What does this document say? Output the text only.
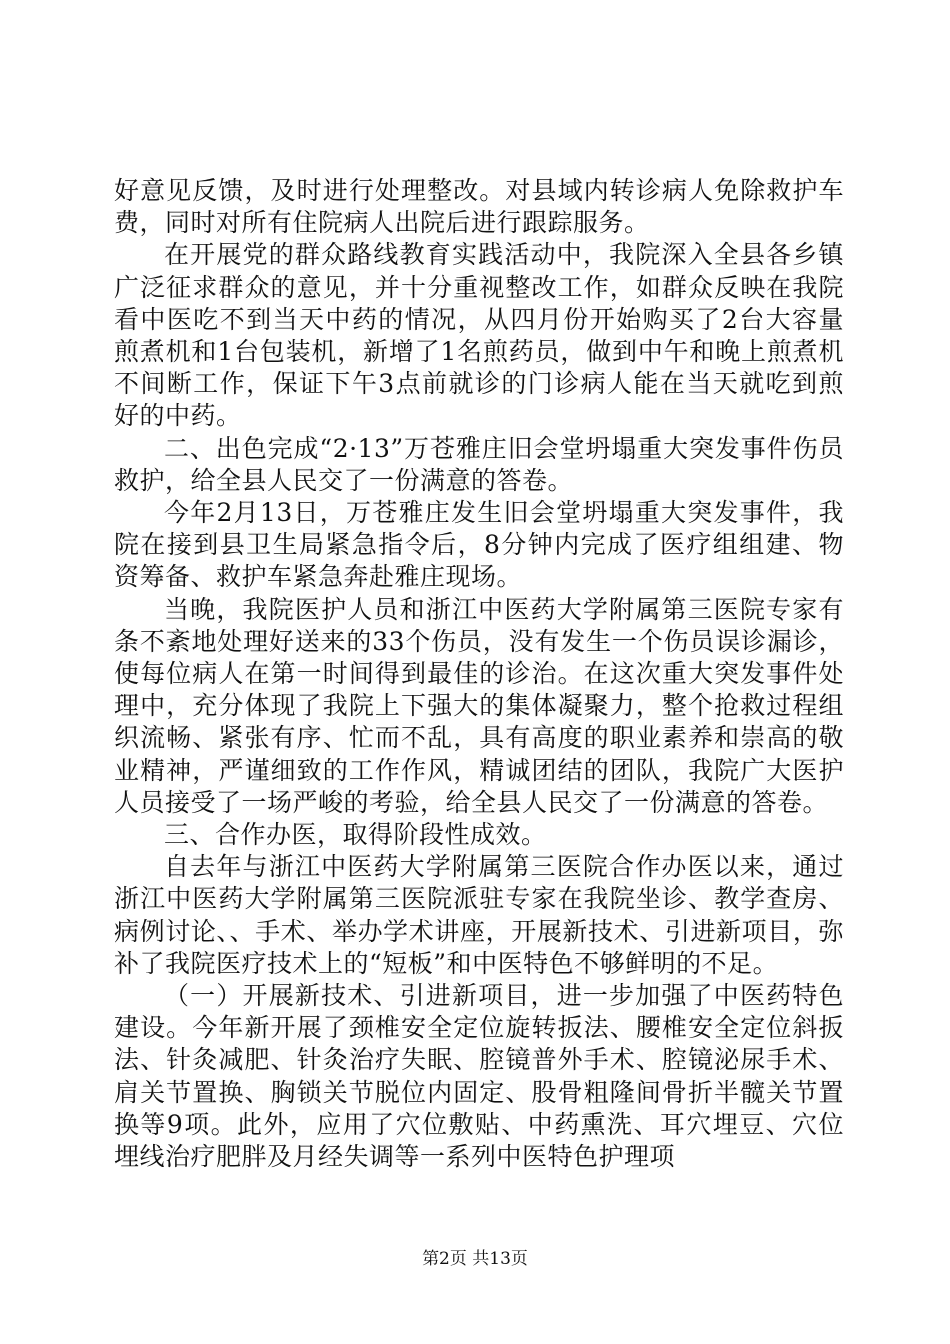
好意见反馈，及时进行处理整改。对县域内转诊病人免除救护车费，同时对所有住院病人出院后进行跟踪服务。

在开展党的群众路线教育实践活动中，我院深入全县各乡镇广泛征求群众的意见，并十分重视整改工作，如群众反映在我院看中医吃不到当天中药的情况，从四月份开始购买了2台大容量煎煮机和1台包装机，新增了1名煎药员，做到中午和晚上煎煮机不间断工作，保证下午3点前就诊的门诊病人能在当天就吃到煎好的中药。

二、出色完成“2·13”万苍雅庄旧会堂坍塌重大突发事件伤员救护，给全县人民交了一份满意的答卷。

今年2月13日，万苍雅庄发生旧会堂坍塌重大突发事件，我院在接到县卫生局紧急指令后，8分钟内完成了医疗组组建、物资筹备、救护车紧急奔赴雅庄现场。

当晚，我院医护人员和浙江中医药大学附属第三医院专家有条不紊地处理好送来的33个伤员，没有发生一个伤员误诊漏诊，使每位病人在第一时间得到最佳的诊治。在这次重大突发事件处理中，充分体现了我院上下强大的集体凝聚力，整个抢救过程组织流畅、紧张有序、忙而不乱，具有高度的职业素养和崇高的敬业精神，严谨细致的工作作风，精诚团结的团队，我院广大医护人员接受了一场严峻的考验，给全县人民交了一份满意的答卷。

三、合作办医，取得阶段性成效。

自去年与浙江中医药大学附属第三医院合作办医以来，通过浙江中医药大学附属第三医院派驻专家在我院坐诊、教学查房、病例讨论、、手术、举办学术讲座，开展新技术、引进新项目，弥补了我院医疗技术上的“短板”和中医特色不够鲜明的不足。

（一）开展新技术、引进新项目，进一步加强了中医药特色建设。今年新开展了颈椎安全定位旋转扳法、腰椎安全定位斜扳法、针灸减肥、针灸治疗失眠、腔镜普外手术、腔镜泌尿手术、肩关节置换、胸锁关节脱位内固定、股骨粗隆间骨折半髋关节置换等9项。此外，应用了穴位敷贴、中药熏洗、耳穴埋豆、穴位埋线治疗肥胖及月经失调等一系列中医特色护理项

第2页 共13页
